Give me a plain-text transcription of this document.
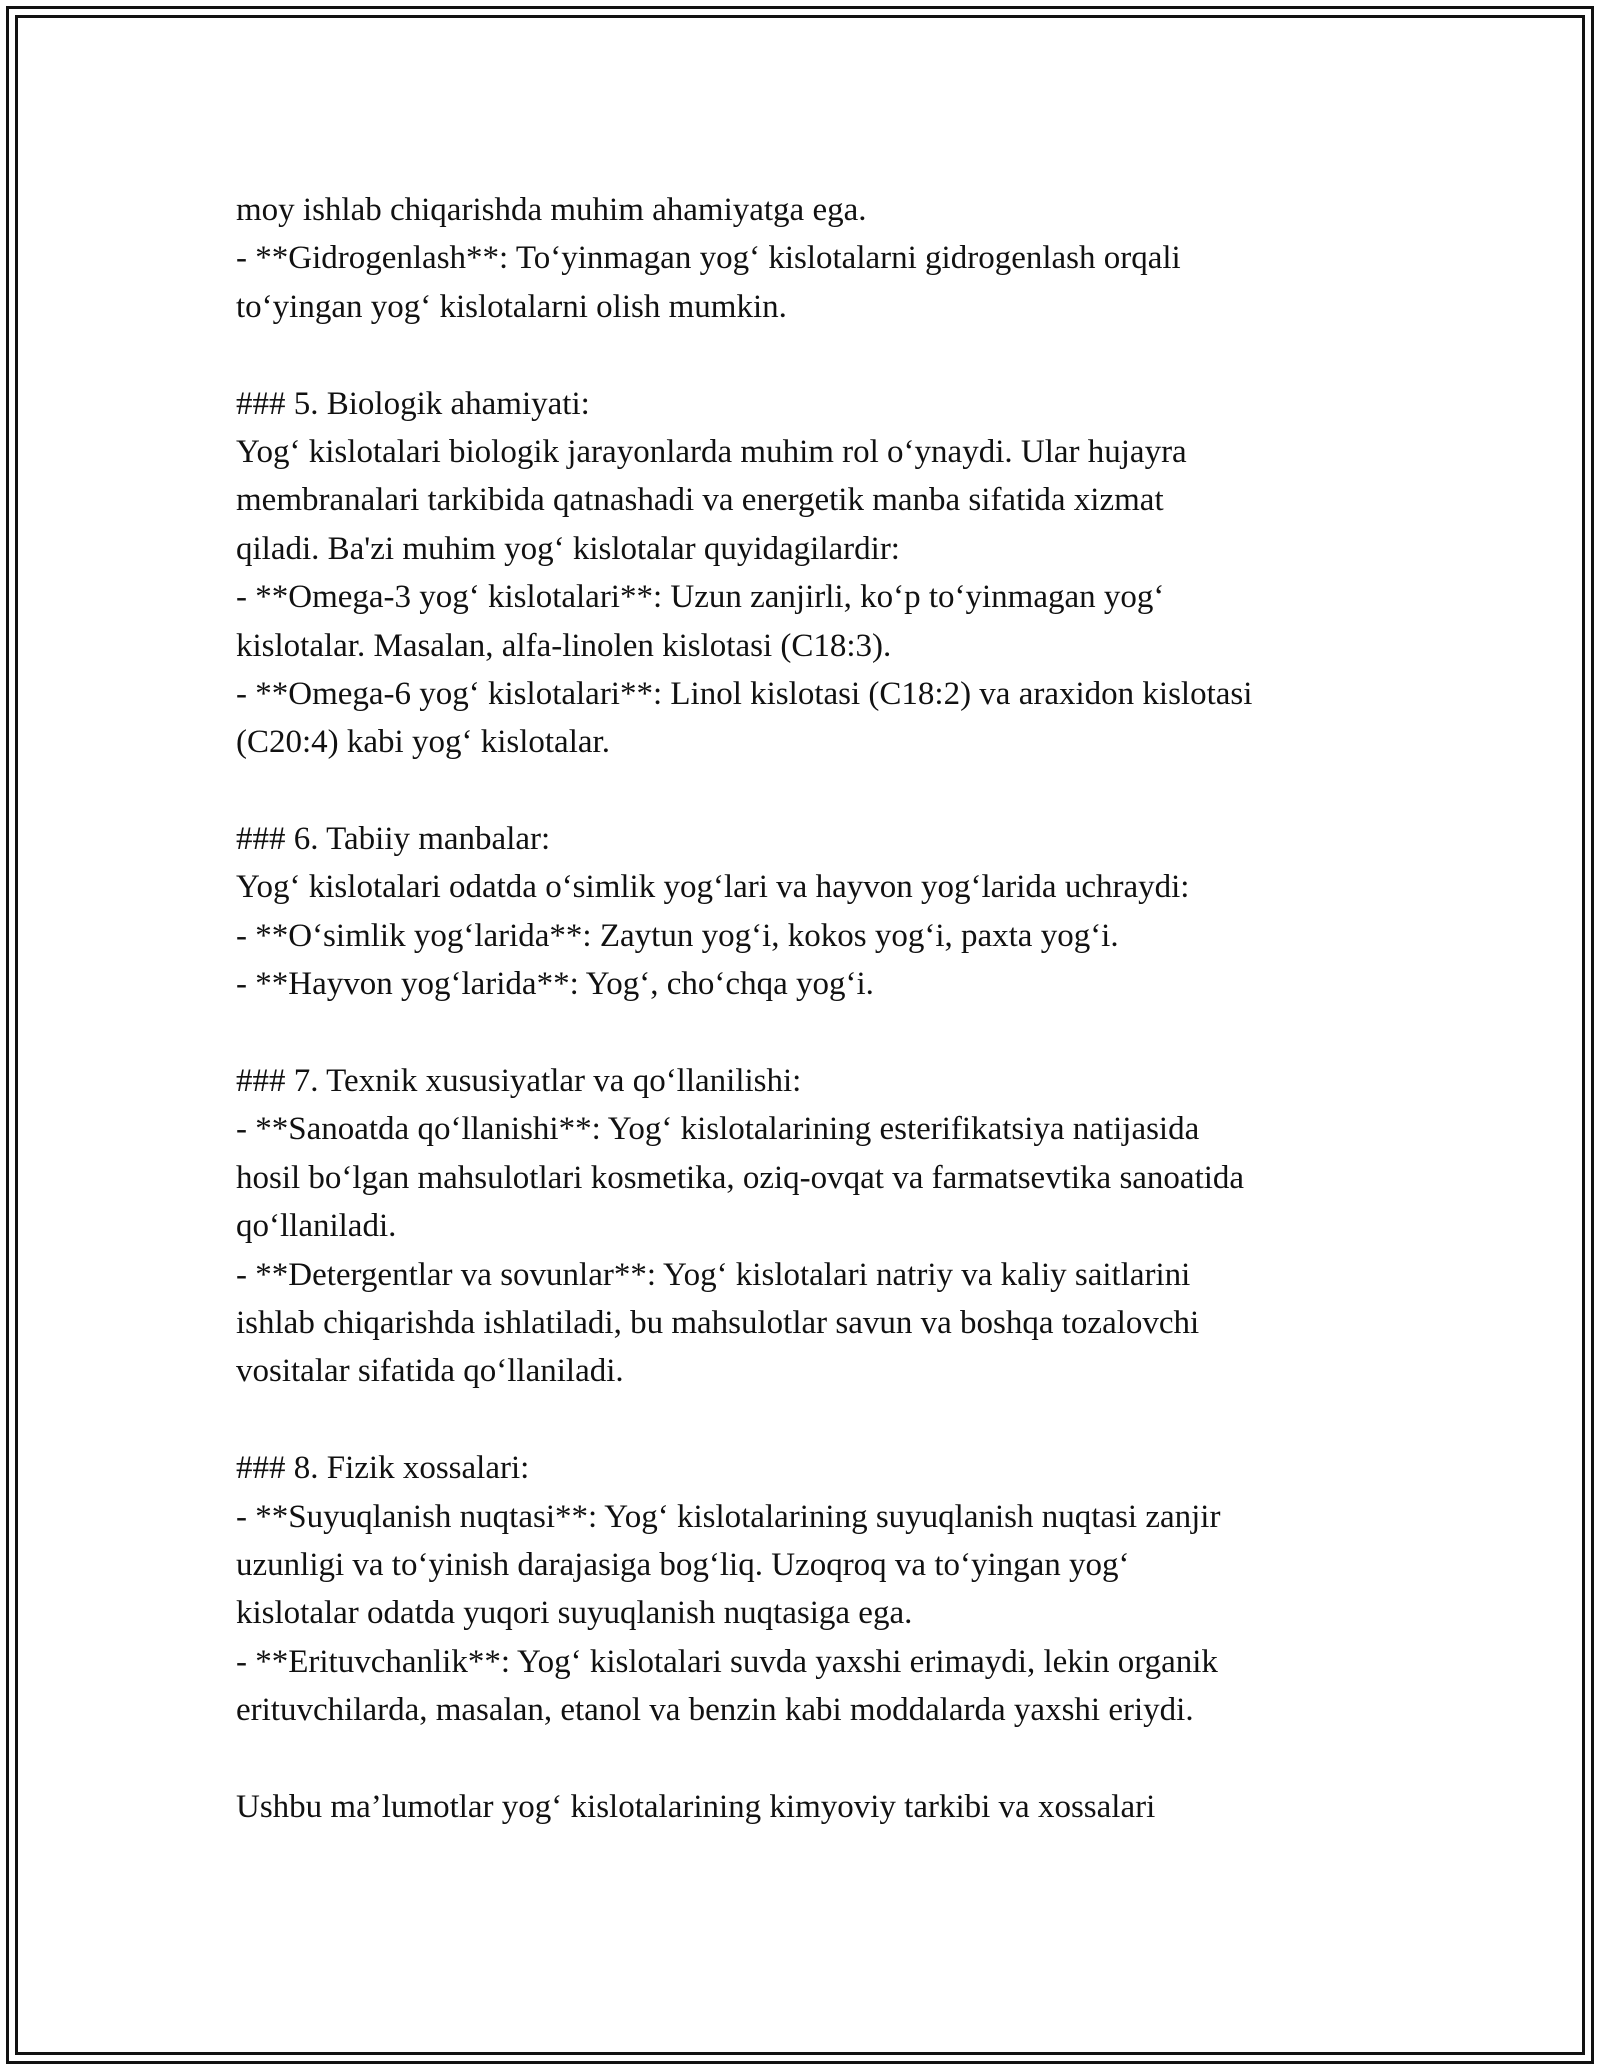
moy ishlab chiqarishda muhim ahamiyatga ega.
- **Gidrogenlash**: To‘yinmagan yog‘ kislotalarni gidrogenlash orqali
to‘yingan yog‘ kislotalarni olish mumkin.
### 5. Biologik ahamiyati:
Yog‘ kislotalari biologik jarayonlarda muhim rol o‘ynaydi. Ular hujayra
membranalari tarkibida qatnashadi va energetik manba sifatida xizmat
qiladi. Ba'zi muhim yog‘ kislotalar quyidagilardir:
- **Omega-3 yog‘ kislotalari**: Uzun zanjirli, ko‘p to‘yinmagan yog‘
kislotalar. Masalan, alfa-linolen kislotasi (C18:3).
- **Omega-6 yog‘ kislotalari**: Linol kislotasi (C18:2) va araxidon kislotasi
(C20:4) kabi yog‘ kislotalar.
### 6. Tabiiy manbalar:
Yog‘ kislotalari odatda o‘simlik yog‘lari va hayvon yog‘larida uchraydi:
- **O‘simlik yog‘larida**: Zaytun yog‘i, kokos yog‘i, paxta yog‘i.
- **Hayvon yog‘larida**: Yog‘, cho‘chqa yog‘i.
### 7. Texnik xususiyatlar va qo‘llanilishi:
- **Sanoatda qo‘llanishi**: Yog‘ kislotalarining esterifikatsiya natijasida
hosil bo‘lgan mahsulotlari kosmetika, oziq-ovqat va farmatsevtika sanoatida
qo‘llaniladi.
- **Detergentlar va sovunlar**: Yog‘ kislotalari natriy va kaliy saitlarini
ishlab chiqarishda ishlatiladi, bu mahsulotlar savun va boshqa tozalovchi
vositalar sifatida qo‘llaniladi.
### 8. Fizik xossalari:
- **Suyuqlanish nuqtasi**: Yog‘ kislotalarining suyuqlanish nuqtasi zanjir
uzunligi va to‘yinish darajasiga bog‘liq. Uzoqroq va to‘yingan yog‘
kislotalar odatda yuqori suyuqlanish nuqtasiga ega.
- **Erituvchanlik**: Yog‘ kislotalari suvda yaxshi erimaydi, lekin organik
erituvchilarda, masalan, etanol va benzin kabi moddalarda yaxshi eriydi.
Ushbu ma’lumotlar yog‘ kislotalarining kimyoviy tarkibi va xossalari
